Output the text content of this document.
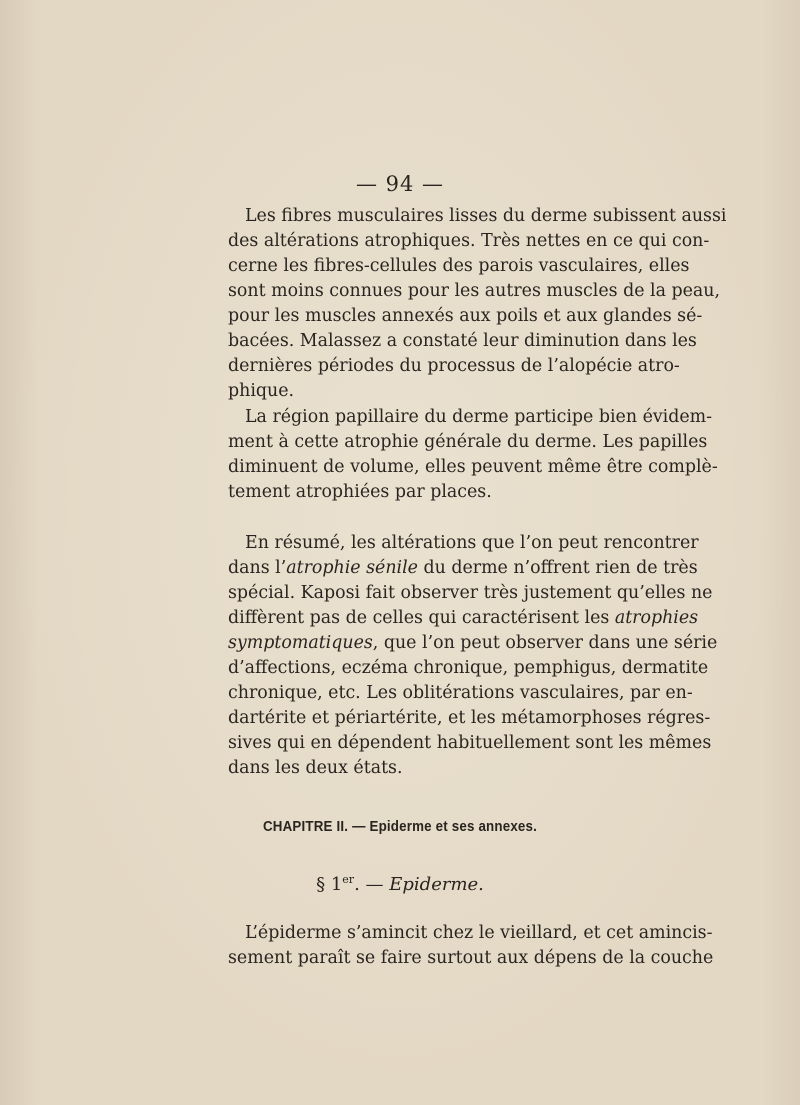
— 94 —
Les fibres musculaires lisses du derme subissent aussi
des altérations atrophiques. Très nettes en ce qui con-
cerne les fibres-cellules des parois vasculaires, elles
sont moins connues pour les autres muscles de la peau,
pour les muscles annexés aux poils et aux glandes sé-
bacées. Malassez a constaté leur diminution dans les
dernières périodes du processus de l’alopécie atro-
phique.
La région papillaire du derme participe bien évidem-
ment à cette atrophie générale du derme. Les papilles
diminuent de volume, elles peuvent même être complè-
tement atrophiées par places.
En résumé, les altérations que l’on peut rencontrer
dans l’ atrophie sénile du derme n’offrent rien de très
spécial. Kaposi fait observer très justement qu’elles ne
diffèrent pas de celles qui caractérisent les atrophies
symptomatiques , que l’on peut observer dans une série
d’affections, eczéma chronique, pemphigus, dermatite
chronique, etc. Les oblitérations vasculaires, par en-
dartérite et périartérite, et les métamorphoses régres-
sives qui en dépendent habituellement sont les mêmes
dans les deux états.
CHAPITRE II. — Epiderme et ses annexes.
§ 1er. — Epiderme.
L’épiderme s’amincit chez le vieillard, et cet amincis-
sement paraît se faire surtout aux dépens de la couche
